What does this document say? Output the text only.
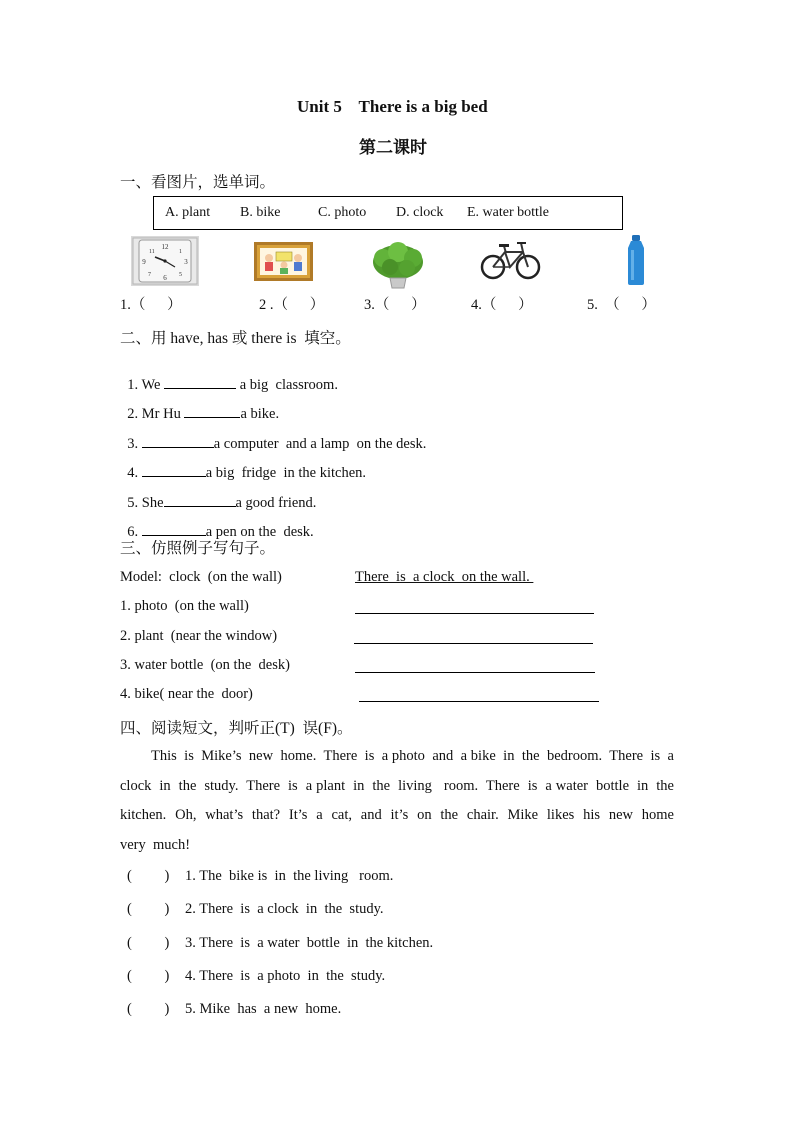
Unit 5    There is a big bed
第二课时
一、看图片，选单词。
A. plant B. bike	C. photo D. clock E. water bottle
12
6
9	3
1
11
5
7
1.（      ）	2 .（      ）	3.（      ）	4.（      ）	5.  （      ）
二、用 have, has 或 there is  填空。

1. We	a big  classroom.

2. Mr Hu	a bike.

3.	a computer  and a lamp  on the desk.

4.	a big  fridge  in the kitchen.

5. She	a good friend.

6.	a pen on the  desk.

三、仿照例子写句子。
Model:  clock  (on the wall)	There  is  a clock  on the wall.
1. photo  (on the wall)
2. plant  (near the window)
3. water bottle  (on the  desk)
4. bike( near the  door)
四、阅读短文，判听正(T)  误(F)。

This  is  Mike’s  new  home.  There  is  a photo  and  a bike  in  the  bedroom.  There  is  a  clock  in  the  study.  There  is  a plant  in  the  living   room.  There  is  a water  bottle  in  the  kitchen.  Oh,  what’s  that?  It’s  a  cat,  and  it’s  on  the  chair.  Mike  likes  his  new  home  very  much!

(         ) 1. The  bike is  in  the living   room.
(         ) 2. There  is  a clock  in  the  study.
(         ) 3. There  is  a water  bottle  in  the kitchen.
(         ) 4. There  is  a photo  in  the  study.
(         ) 5. Mike  has  a new  home.
